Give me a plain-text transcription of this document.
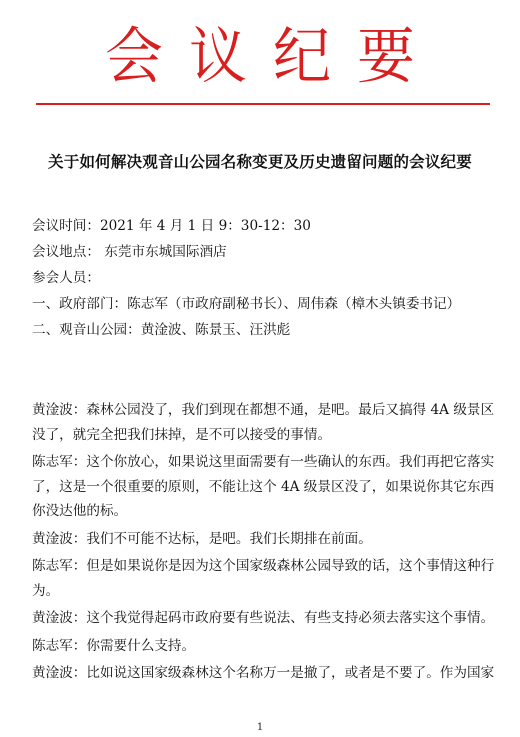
会议纪要
关于如何解决观音山公园名称变更及历史遗留问题的会议纪要
会议时间：2021 年 4 月 1 日 9：30-12：30
会议地点： 东莞市东城国际酒店
参会人员：
一、政府部门：陈志军（市政府副秘书长）、周伟森（樟木头镇委书记）
二、观音山公园：黄淦波、陈景玉、汪洪彪

黄淦波：森林公园没了，我们到现在都想不通，是吧。最后又搞得 4A 级景区没了，就完全把我们抹掉，是不可以接受的事情。

陈志军：这个你放心，如果说这里面需要有一些确认的东西。我们再把它落实了，这是一个很重要的原则，不能让这个 4A 级景区没了，如果说你其它东西你没达他的标。

黄淦波：我们不可能不达标，是吧。我们长期排在前面。

陈志军：但是如果说你是因为这个国家级森林公园导致的话，这个事情这种行为。

黄淦波：这个我觉得起码市政府要有些说法、有些支持必须去落实这个事情。

陈志军：你需要什么支持。

黄淦波：比如说这国家级森林这个名称万一是撤了，或者是不要了。作为国家

1
